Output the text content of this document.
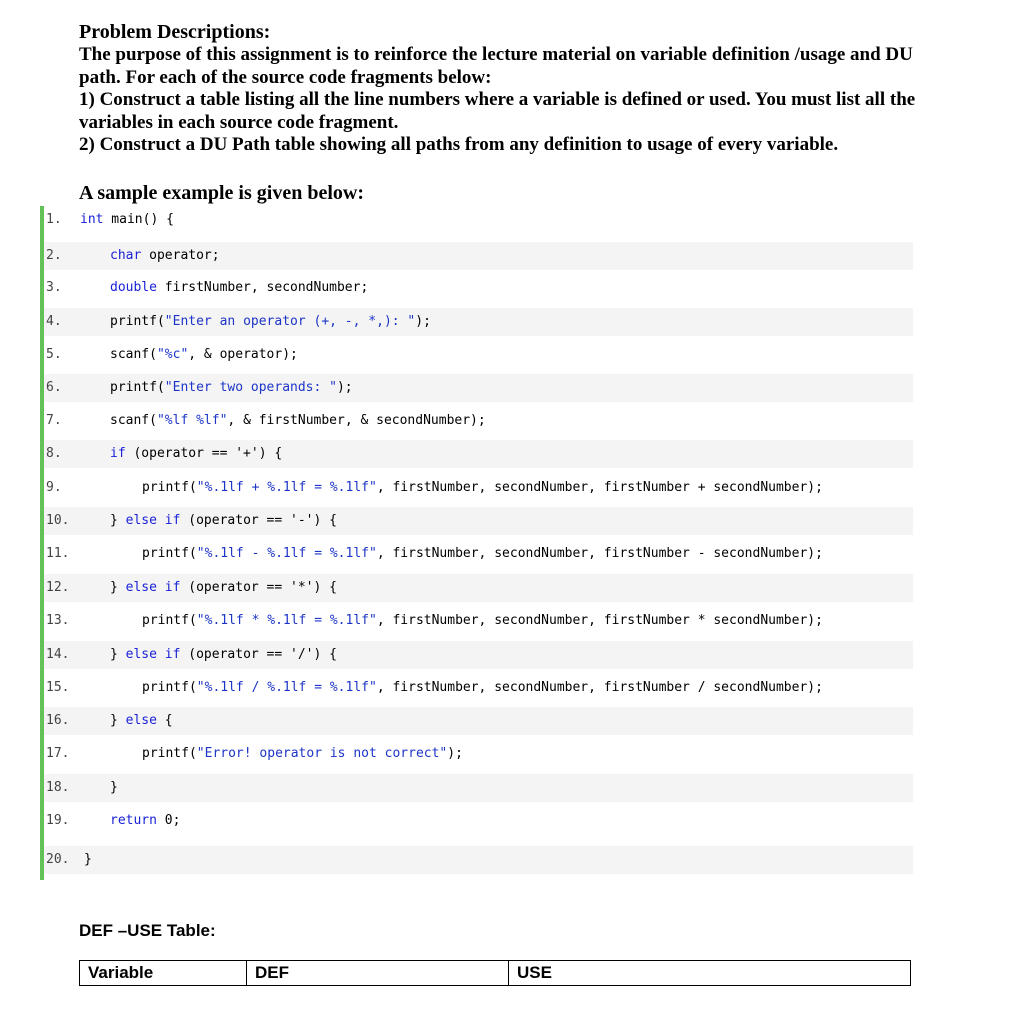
Problem Descriptions:
The purpose of this assignment is to reinforce the lecture material on variable definition /usage and DU
path. For each of the source code fragments below:
1) Construct a table listing all the line numbers where a variable is defined or used. You must list all the
variables in each source code fragment.
2) Construct a DU Path table showing all paths from any definition to usage of every variable.
A sample example is given below:
1. int main() {
2.	char operator;
3.	double firstNumber, secondNumber;
4.	printf("Enter an operator (+, -, *,): ");
5.	scanf("%c", & operator);
6.	printf("Enter two operands: ");
7.	scanf("%lf %lf", & firstNumber, & secondNumber);
8.	if (operator == '+') {
9.	printf("%.1lf + %.1lf = %.1lf", firstNumber, secondNumber, firstNumber + secondNumber);
10.	} else if (operator == '-') {
11.	printf("%.1lf - %.1lf = %.1lf", firstNumber, secondNumber, firstNumber - secondNumber);
12.	} else if (operator == '*') {
13.	printf("%.1lf * %.1lf = %.1lf", firstNumber, secondNumber, firstNumber * secondNumber);
14.	} else if (operator == '/') {
15.	printf("%.1lf / %.1lf = %.1lf", firstNumber, secondNumber, firstNumber / secondNumber);
16.	} else {
17.	printf("Error! operator is not correct");
18.	}
19.	return 0;
20. }
DEF –USE Table:
Variable	DEF	USE
